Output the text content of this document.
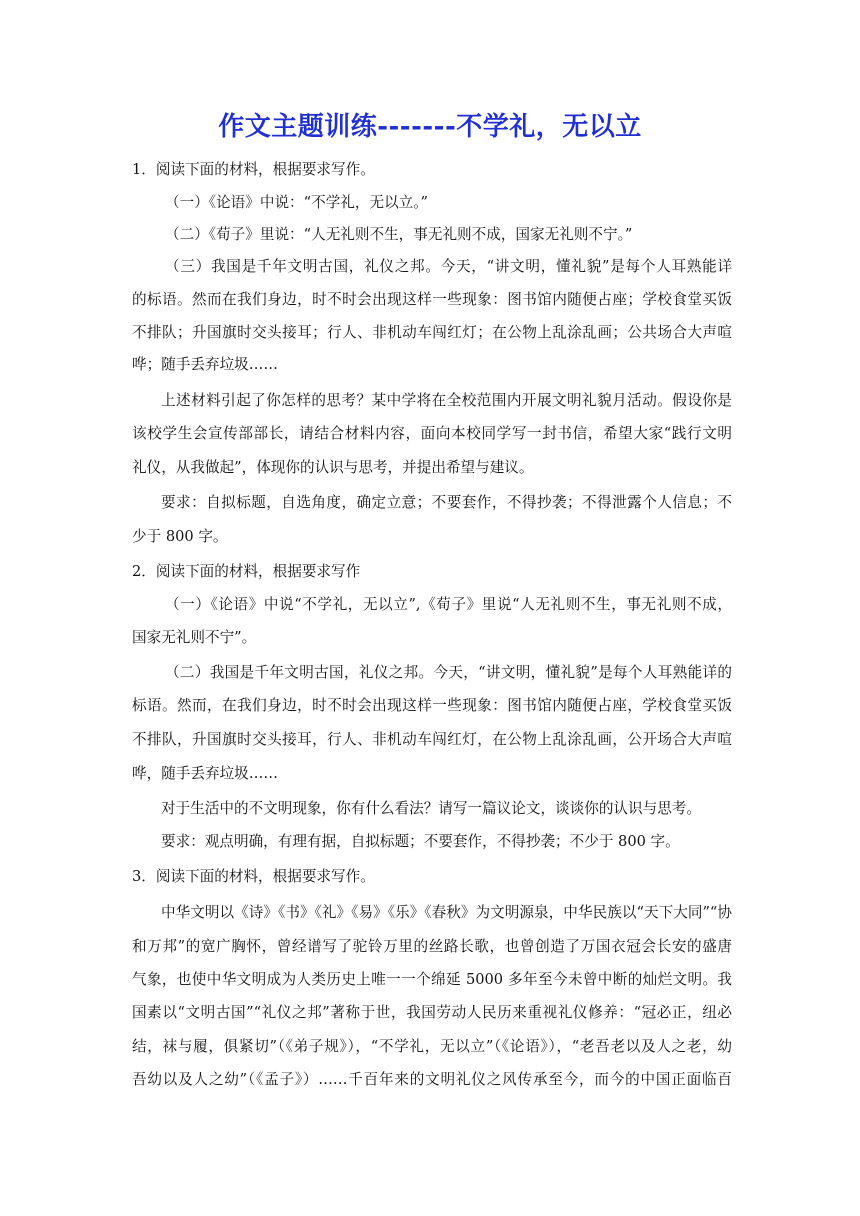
作文主题训练-------不学礼，无以立
1．阅读下面的材料，根据要求写作。
（一）《论语》中说：“不学礼，无以立。”
（二）《荀子》里说：“人无礼则不生，事无礼则不成，国家无礼则不宁。”
（三）我国是千年文明古国，礼仪之邦。今天，“讲文明，懂礼貌”是每个人耳熟能详
的标语。然而在我们身边，时不时会出现这样一些现象：图书馆内随便占座；学校食堂买饭
不排队；升国旗时交头接耳；行人、非机动车闯红灯；在公物上乱涂乱画；公共场合大声喧
哗；随手丢弃垃圾……
上述材料引起了你怎样的思考？某中学将在全校范围内开展文明礼貌月活动。假设你是
该校学生会宣传部部长，请结合材料内容，面向本校同学写一封书信，希望大家“践行文明
礼仪，从我做起”，体现你的认识与思考，并提出希望与建议。
要求：自拟标题，自选角度，确定立意；不要套作，不得抄袭；不得泄露个人信息；不
少于 800 字。
2．阅读下面的材料，根据要求写作
（一）《论语》中说“不学礼，无以立”,《荀子》里说“人无礼则不生，事无礼则不成，
国家无礼则不宁”。
（二）我国是千年文明古国，礼仪之邦。今天，“讲文明，懂礼貌”是每个人耳熟能详的
标语。然而，在我们身边，时不时会出现这样一些现象：图书馆内随便占座，学校食堂买饭
不排队，升国旗时交头接耳，行人、非机动车闯红灯，在公物上乱涂乱画，公开场合大声喧
哗，随手丢弃垃圾……
对于生活中的不文明现象，你有什么看法？请写一篇议论文，谈谈你的认识与思考。
要求：观点明确，有理有据，自拟标题；不要套作，不得抄袭；不少于 800 字。
3．阅读下面的材料，根据要求写作。
中华文明以《诗》《书》《礼》《易》《乐》《春秋》为文明源泉，中华民族以“天下大同”“协
和万邦”的宽广胸怀，曾经谱写了驼铃万里的丝路长歌，也曾创造了万国衣冠会长安的盛唐
气象，也使中华文明成为人类历史上唯一一个绵延 5000 多年至今未曾中断的灿烂文明。我
国素以“文明古国”“礼仪之邦”著称于世，我国劳动人民历来重视礼仪修养：“冠必正，纽必
结，袜与履，俱紧切”（《弟子规》），“不学礼，无以立”（《论语》），“老吾老以及人之老，幼
吾幼以及人之幼”（《孟子》）……千百年来的文明礼仪之风传承至今，而今的中国正面临百
